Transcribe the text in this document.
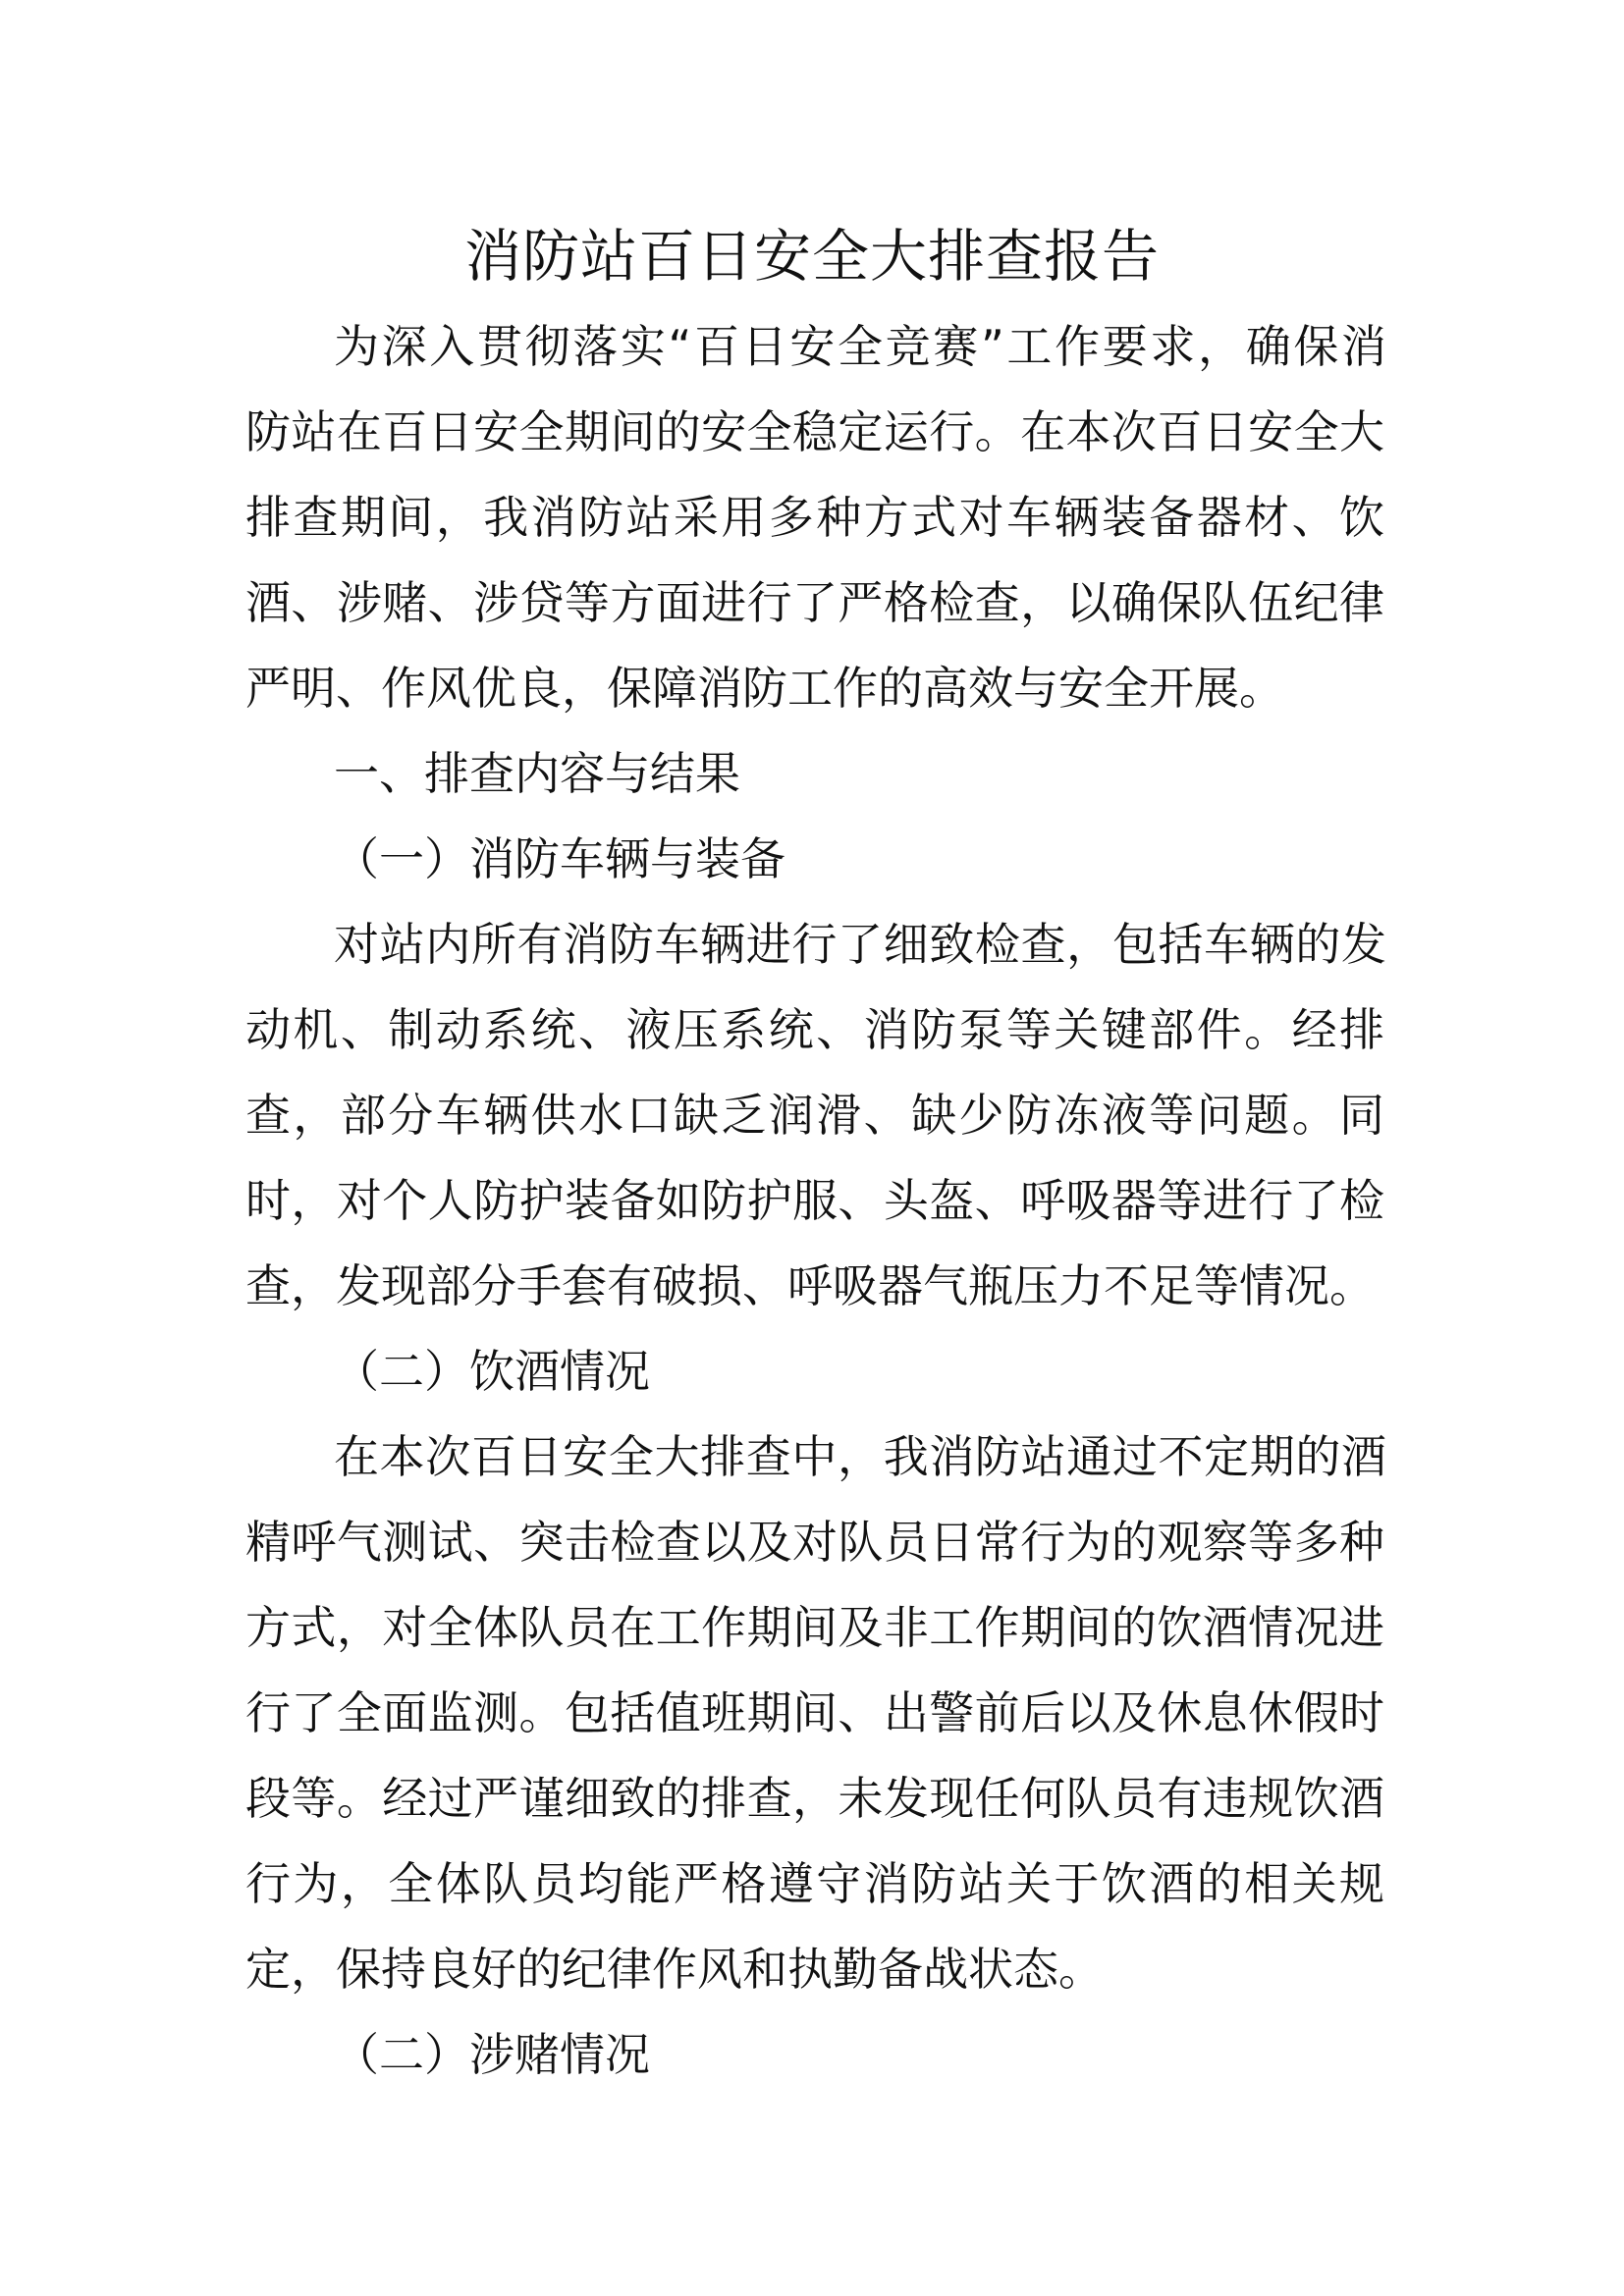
消防站百日安全大排查报告
为深入贯彻落实“百日安全竞赛”工作要求，确保消
防站在百日安全期间的安全稳定运行。在本次百日安全大
排查期间，我消防站采用多种方式对车辆装备器材、饮
酒、涉赌、涉贷等方面进行了严格检查，以确保队伍纪律
严明、作风优良，保障消防工作的高效与安全开展。
一、排查内容与结果
（一）消防车辆与装备
对站内所有消防车辆进行了细致检查，包括车辆的发
动机、制动系统、液压系统、消防泵等关键部件。经排
查，部分车辆供水口缺乏润滑、缺少防冻液等问题。同
时，对个人防护装备如防护服、头盔、呼吸器等进行了检
查，发现部分手套有破损、呼吸器气瓶压力不足等情况。
（二）饮酒情况
在本次百日安全大排查中，我消防站通过不定期的酒
精呼气测试、突击检查以及对队员日常行为的观察等多种
方式，对全体队员在工作期间及非工作期间的饮酒情况进
行了全面监测。包括值班期间、出警前后以及休息休假时
段等。经过严谨细致的排查，未发现任何队员有违规饮酒
行为，全体队员均能严格遵守消防站关于饮酒的相关规
定，保持良好的纪律作风和执勤备战状态。
（二）涉赌情况
